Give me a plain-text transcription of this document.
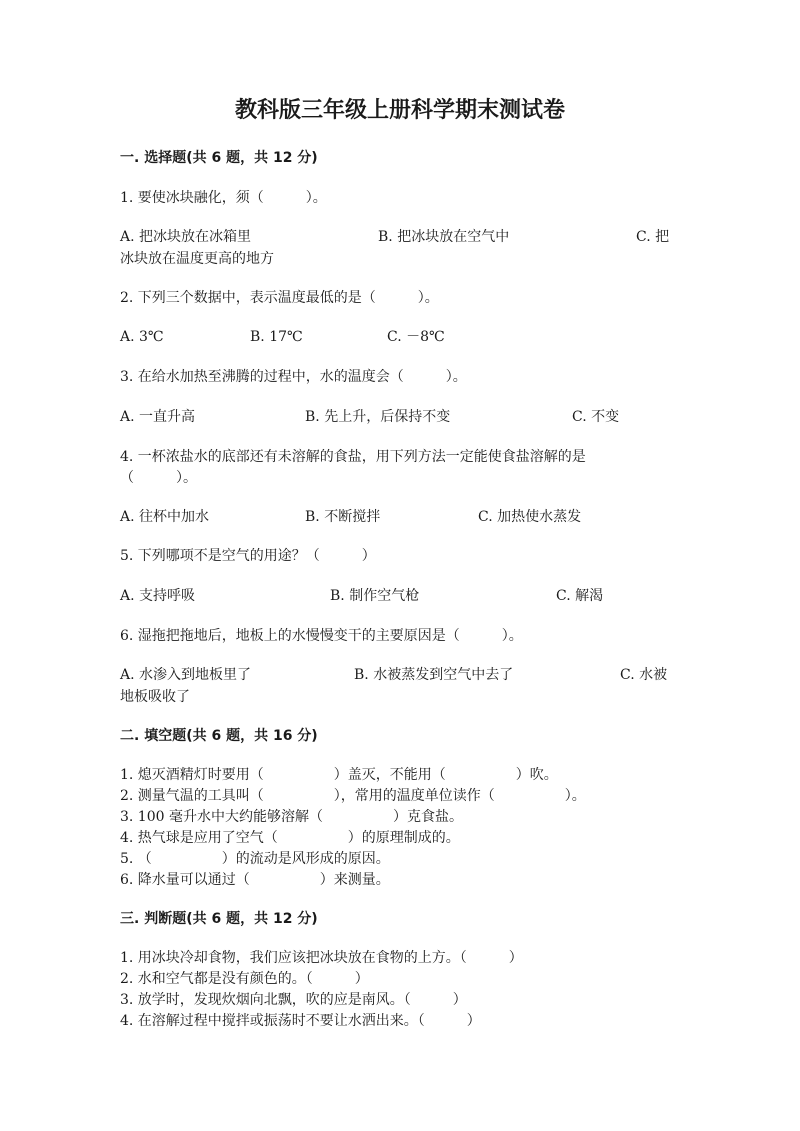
教科版三年级上册科学期末测试卷
一. 选择题(共 6 题，共 12 分)
1. 要使冰块融化，须（　　　）。
A. 把冰块放在冰箱里	B. 把冰块放在空气中	C. 把
冰块放在温度更高的地方
2. 下列三个数据中，表示温度最低的是（　　　）。
A. 3℃	B. 17℃	C. －8℃
3. 在给水加热至沸腾的过程中，水的温度会（　　　）。
A. 一直升高	B. 先上升，后保持不变	C. 不变
4. 一杯浓盐水的底部还有未溶解的食盐，用下列方法一定能使食盐溶解的是
（　　　）。
A. 往杯中加水	B. 不断搅拌	C. 加热使水蒸发
5. 下列哪项不是空气的用途？（　　　）
A. 支持呼吸	B. 制作空气枪	C. 解渴
6. 湿拖把拖地后，地板上的水慢慢变干的主要原因是（　　　）。
A. 水渗入到地板里了	B. 水被蒸发到空气中去了	C. 水被
地板吸收了
二. 填空题(共 6 题，共 16 分)
1. 熄灭酒精灯时要用（　　　　　）盖灭，不能用（　　　　　）吹。
2. 测量气温的工具叫（　　　　　），常用的温度单位读作（　　　　　）。
3. 100 毫升水中大约能够溶解（　　　　　）克食盐。
4. 热气球是应用了空气（　　　　　）的原理制成的。
5. （　　　　　）的流动是风形成的原因。
6. 降水量可以通过（　　　　　）来测量。
三. 判断题(共 6 题，共 12 分)
1. 用冰块冷却食物，我们应该把冰块放在食物的上方。（　　　）
2. 水和空气都是没有颜色的。（　　　）
3. 放学时，发现炊烟向北飘，吹的应是南风。（　　　）
4. 在溶解过程中搅拌或振荡时不要让水洒出来。（　　　）
